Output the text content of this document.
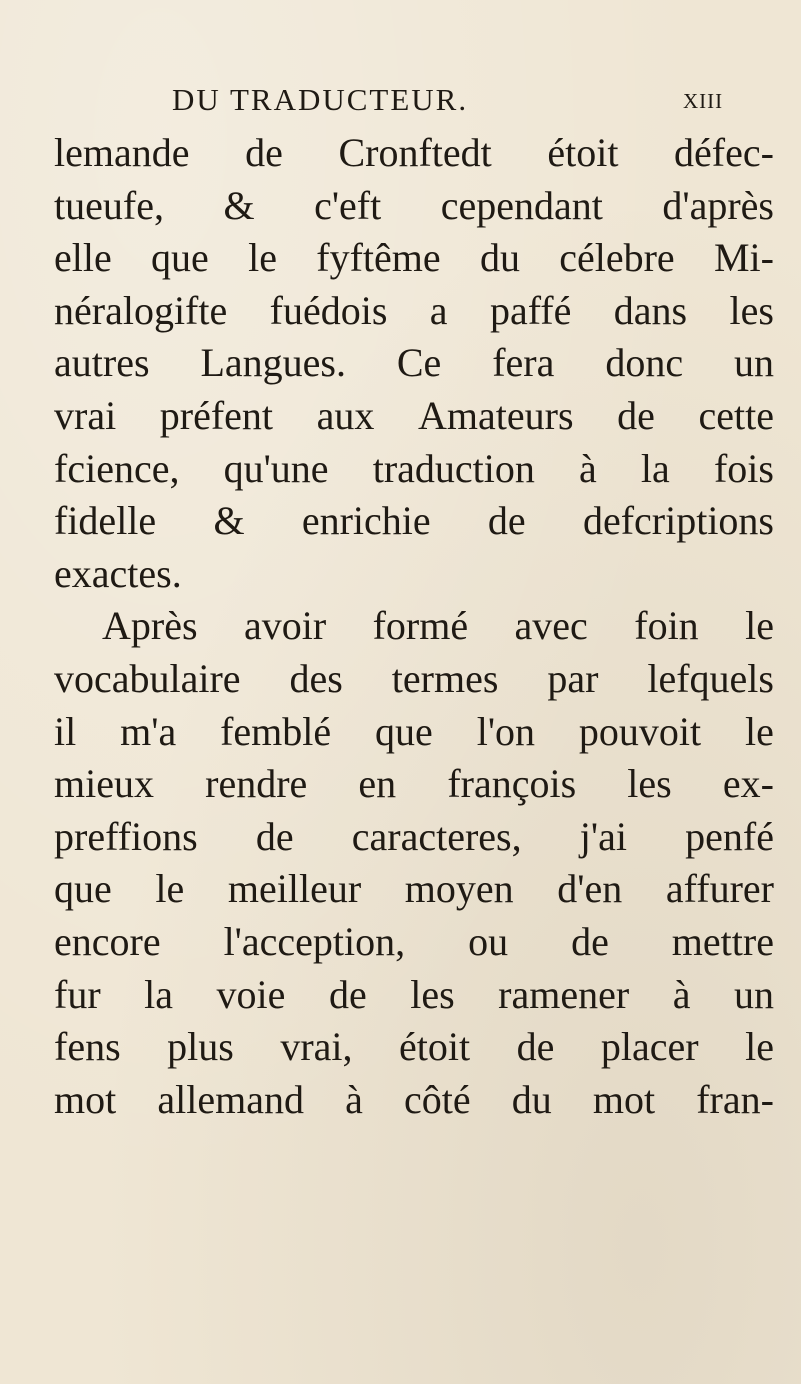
DU TRADUCTEUR.	xiii
lemande de Cronftedt étoit défec-
tueufe, & c'eft cependant d'après
elle que le fyftême du célebre Mi-
néralogifte fuédois a paffé dans les
autres Langues. Ce fera donc un
vrai préfent aux Amateurs de cette
fcience, qu'une traduction à la fois
fidelle & enrichie de defcriptions
exactes.
Après avoir formé avec foin le
vocabulaire des termes par lefquels
il m'a femblé que l'on pouvoit le
mieux rendre en françois les ex-
preffions de caracteres, j'ai penfé
que le meilleur moyen d'en affurer
encore l'acception, ou de mettre
fur la voie de les ramener à un
fens plus vrai, étoit de placer le
mot allemand à côté du mot fran-
